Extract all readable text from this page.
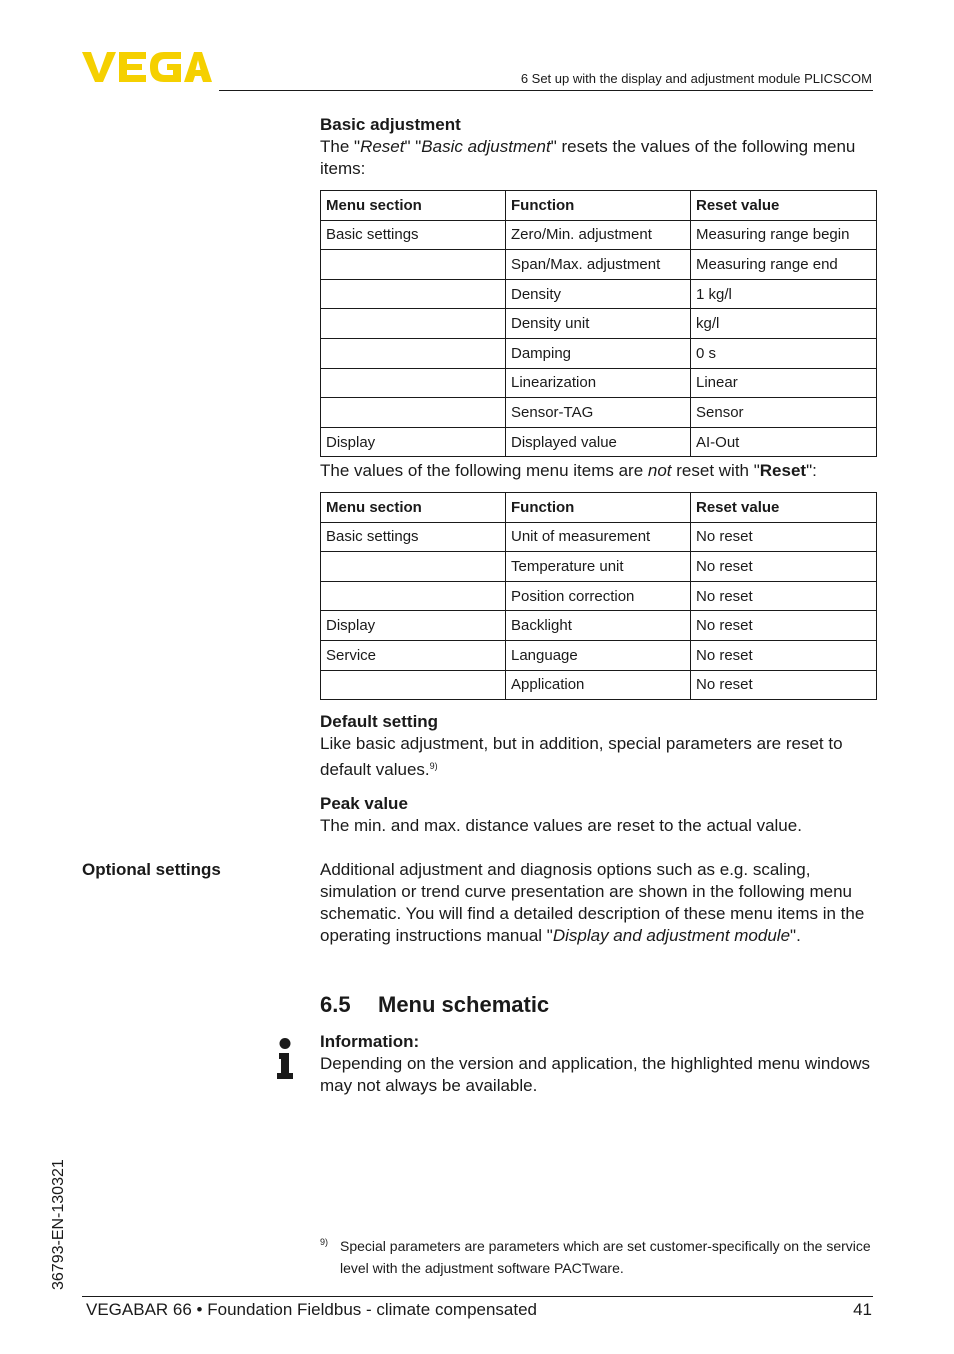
6 Set up with the display and adjustment module PLICSCOM
Basic adjustment
The "Reset" "Basic adjustment" resets the values of the following menu items:
Menu section	Function	Reset value
Basic settings	Zero/Min. adjustment	Measuring range begin
	Span/Max. adjustment	Measuring range end
	Density	1 kg/l
	Density unit	kg/l
	Damping	0 s
	Linearization	Linear
	Sensor-TAG	Sensor
Display	Displayed value	AI-Out
The values of the following menu items are not reset with "Reset":
Menu section	Function	Reset value
Basic settings	Unit of measurement	No reset
	Temperature unit	No reset
	Position correction	No reset
Display	Backlight	No reset
Service	Language	No reset
	Application	No reset
Default setting
Like basic adjustment, but in addition, special parameters are reset to default values.$^{9)}$
Peak value
The min. and max. distance values are reset to the actual value.
Optional settings	Additional adjustment and diagnosis options such as e.g. scaling, simulation or trend curve presentation are shown in the following menu schematic. You will find a detailed description of these menu items in the operating instructions manual "Display and adjustment module".
6.5 Menu schematic
Information:
Depending on the version and application, the highlighted menu windows may not always be available.
9) Special parameters are parameters which are set customer-specifically on the service level with the adjustment software PACTware.
36793-EN-130321
VEGABAR 66 • Foundation Fieldbus - climate compensated	41
